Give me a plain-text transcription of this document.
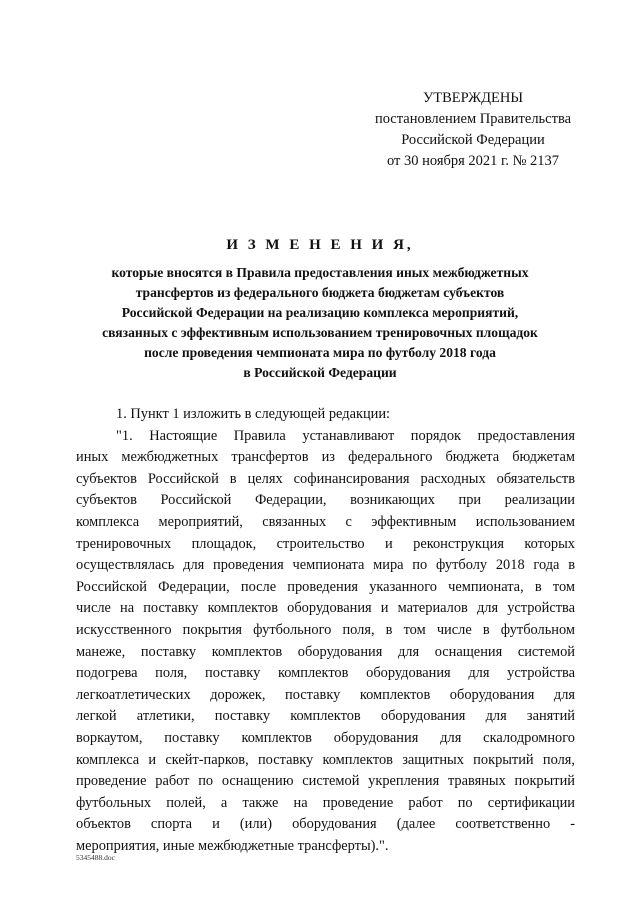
УТВЕРЖДЕНЫ
постановлением Правительства
Российской Федерации
от 30 ноября 2021 г. № 2137
И З М Е Н Е Н И Я,
которые вносятся в Правила предоставления иных межбюджетных
трансфертов из федерального бюджета бюджетам субъектов
Российской Федерации на реализацию комплекса мероприятий,
связанных с эффективным использованием тренировочных площадок
после проведения чемпионата мира по футболу 2018 года
в Российской Федерации
1. Пункт 1 изложить в следующей редакции:
"1. Настоящие Правила устанавливают порядок предоставления
иных межбюджетных трансфертов из федерального бюджета бюджетам
субъектов Российской в целях софинансирования расходных обязательств
субъектов Российской Федерации, возникающих при реализации
комплекса мероприятий, связанных с эффективным использованием
тренировочных площадок, строительство и реконструкция которых
осуществлялась для проведения чемпионата мира по футболу 2018 года в
Российской Федерации, после проведения указанного чемпионата, в том
числе на поставку комплектов оборудования и материалов для устройства
искусственного покрытия футбольного поля, в том числе в футбольном
манеже, поставку комплектов оборудования для оснащения системой
подогрева поля, поставку комплектов оборудования для устройства
легкоатлетических дорожек, поставку комплектов оборудования для
легкой атлетики, поставку комплектов оборудования для занятий
воркаутом, поставку комплектов оборудования для скалодромного
комплекса и скейт-парков, поставку комплектов защитных покрытий поля,
проведение работ по оснащению системой укрепления травяных покрытий
футбольных полей, а также на проведение работ по сертификации
объектов спорта и (или) оборудования (далее соответственно -
мероприятия, иные межбюджетные трансферты).".
5345488.doc
